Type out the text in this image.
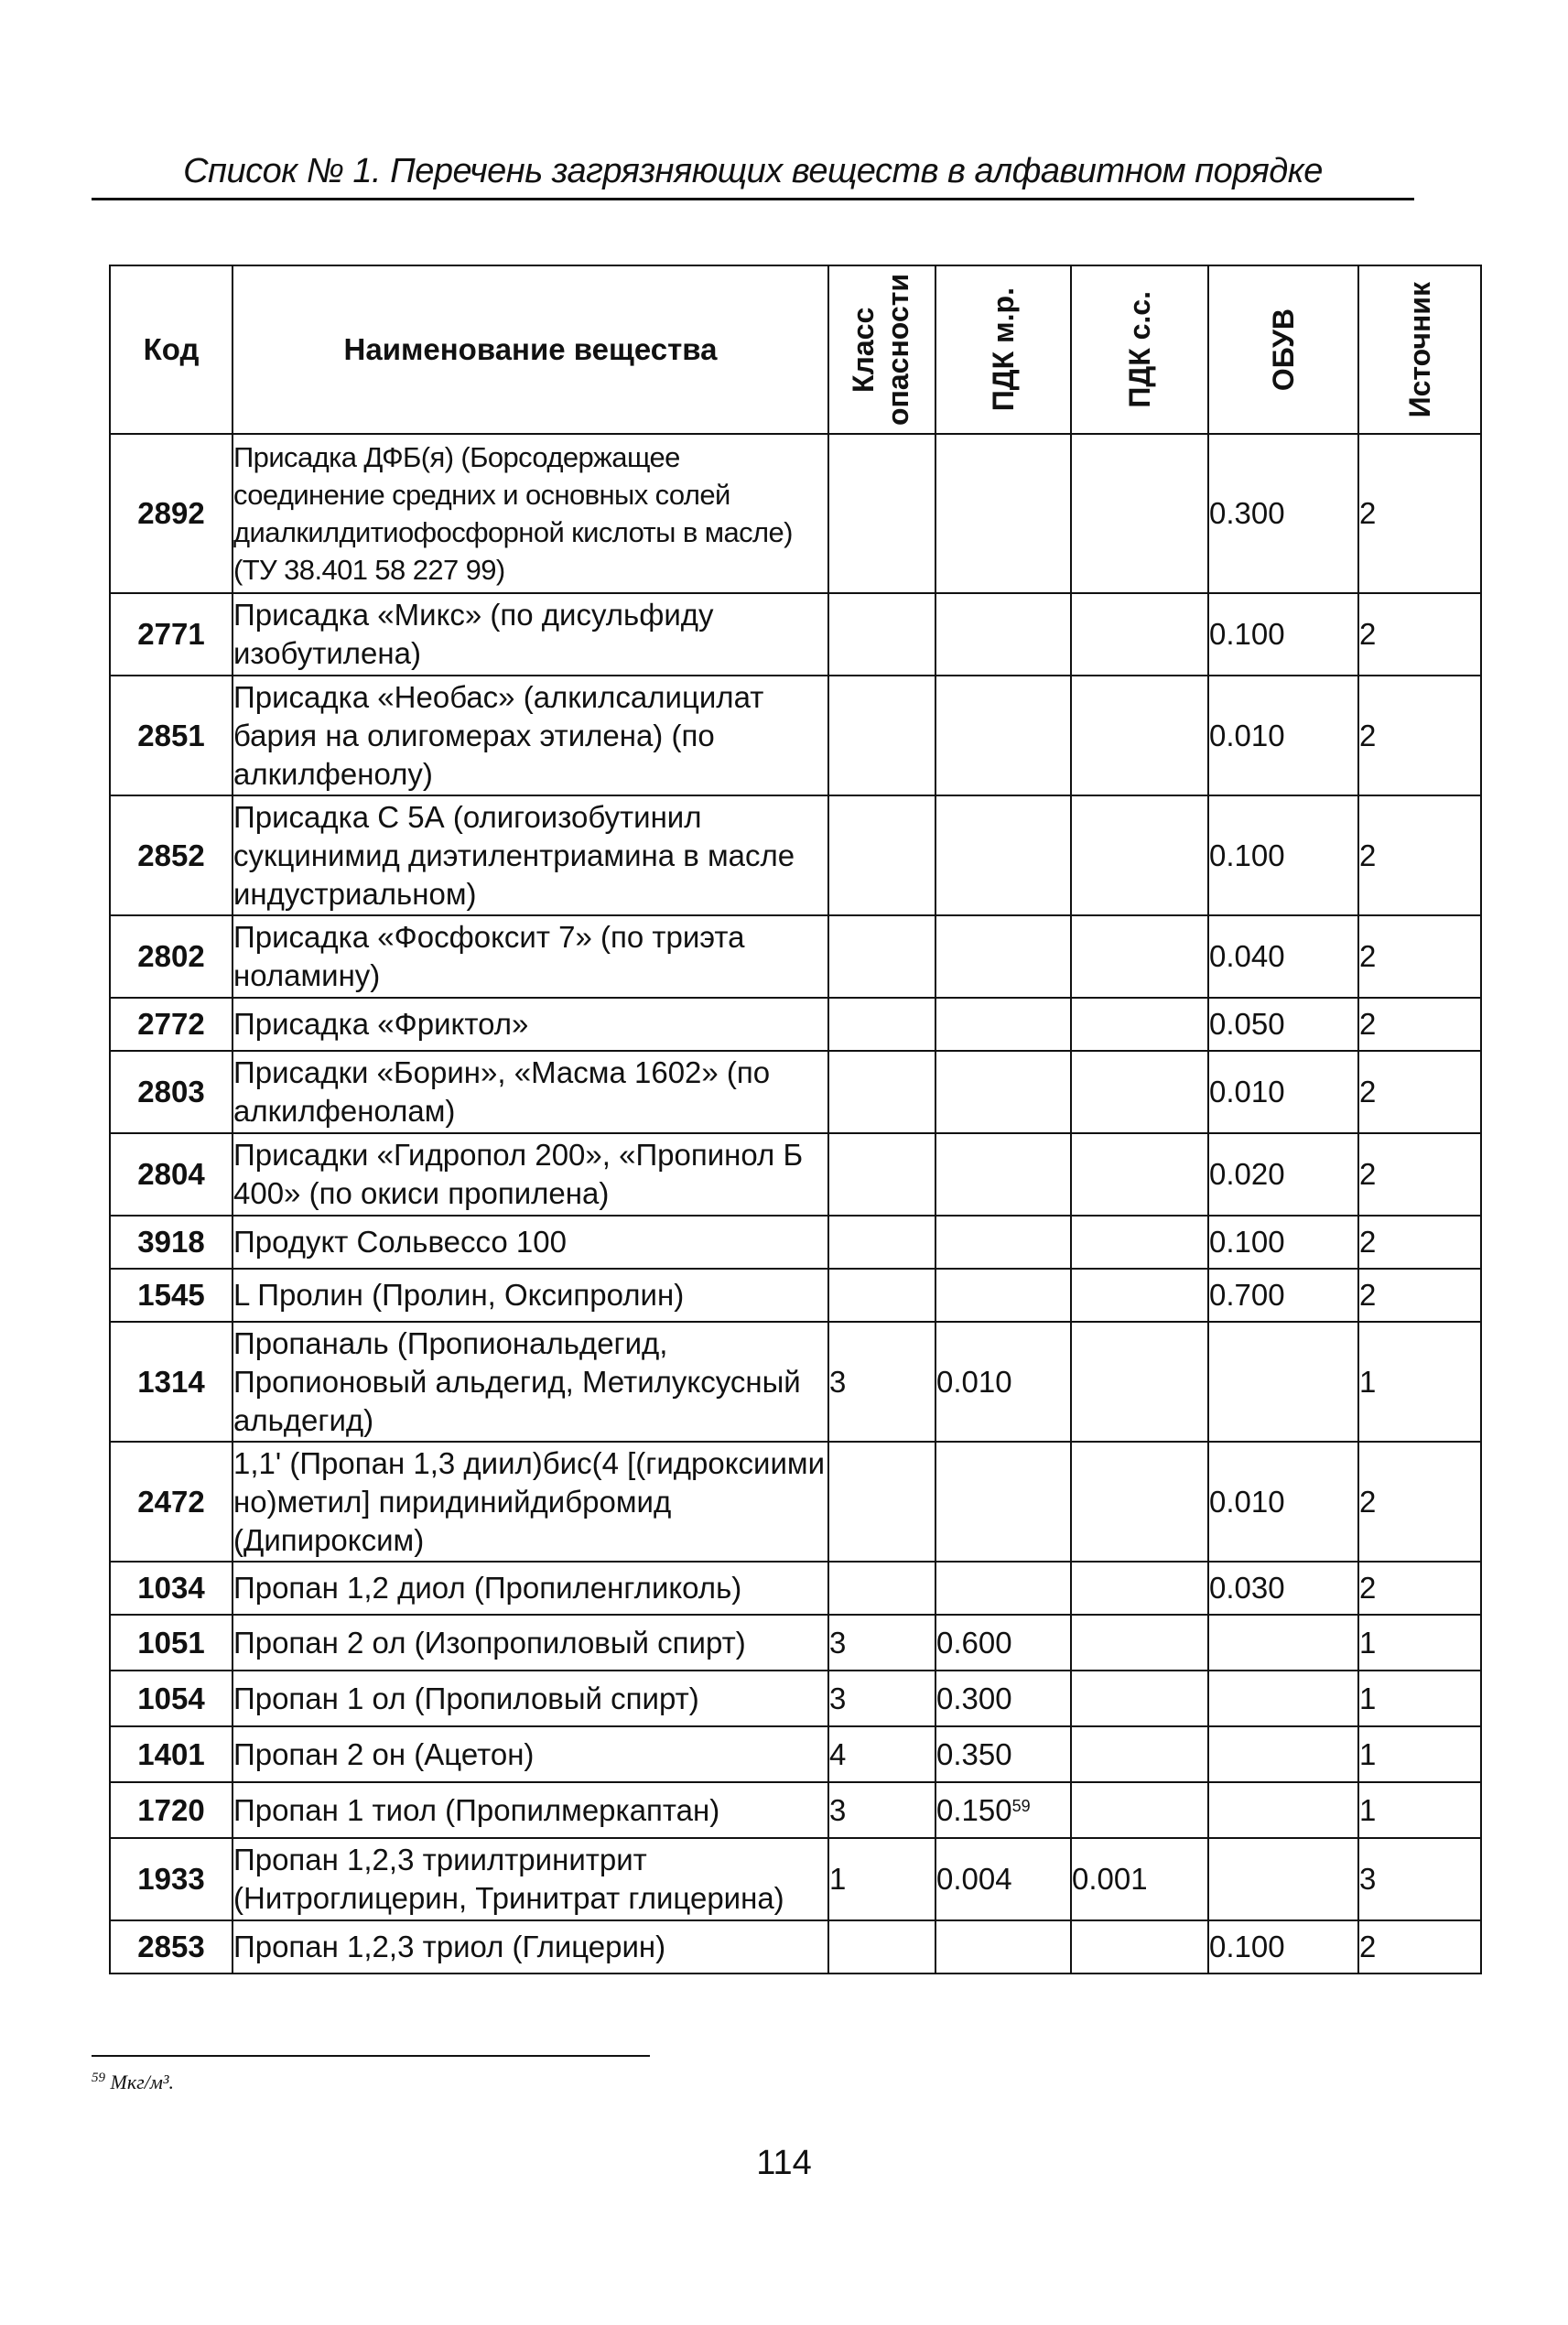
Список № 1. Перечень загрязняющих веществ в алфавитном порядке
Код	Наименование вещества	Класс опасности	ПДК м.р.	ПДК с.с.	ОБУВ	Источник

2892	Присадка ДФБ(я) (Борсодержащее соединение средних и основных солей диалкилдитиофосфорной кислоты в масле) (ТУ 38.401 58 227 99)				0.300	2
2771	Присадка «Микс» (по дисульфиду изобутилена)				0.100	2
2851	Присадка «Необас» (алкилсалицилат бария на олигомерах этилена) (по алкилфенолу)				0.010	2
2852	Присадка С 5А (олигоизобутинил сукцинимид диэтилентриамина в масле индустриальном)				0.100	2
2802	Присадка «Фосфоксит 7» (по триэта ноламину)				0.040	2
2772	Присадка «Фриктол»				0.050	2
2803	Присадки «Борин», «Масма 1602» (по алкилфенолам)				0.010	2
2804	Присадки «Гидропол 200», «Пропинол Б 400» (по окиси пропилена)				0.020	2
3918	Продукт Сольвессо 100				0.100	2
1545	L Пролин (Пролин, Оксипролин)				0.700	2
1314	Пропаналь (Пропиональдегид, Пропионовый альдегид, Метилуксусный альдегид)	3	0.010			1
2472	1,1' (Пропан 1,3 диил)бис(4 [(гидроксиими но)метил] пиридинийдибромид (Дипироксим)				0.010	2
1034	Пропан 1,2 диол (Пропиленгликоль)				0.030	2
1051	Пропан 2 ол (Изопропиловый спирт)	3	0.600			1
1054	Пропан 1 ол (Пропиловый спирт)	3	0.300			1
1401	Пропан 2 он (Ацетон)	4	0.350			1
1720	Пропан 1 тиол (Пропилмеркаптан)	3	0.150$^{59}$			1
1933	Пропан 1,2,3 триилтринитрит (Нитроглицерин, Тринитрат глицерина)	1	0.004	0.001		3
2853	Пропан 1,2,3 триол (Глицерин)				0.100	2
$^{59}$ Мкг/м³.
114
